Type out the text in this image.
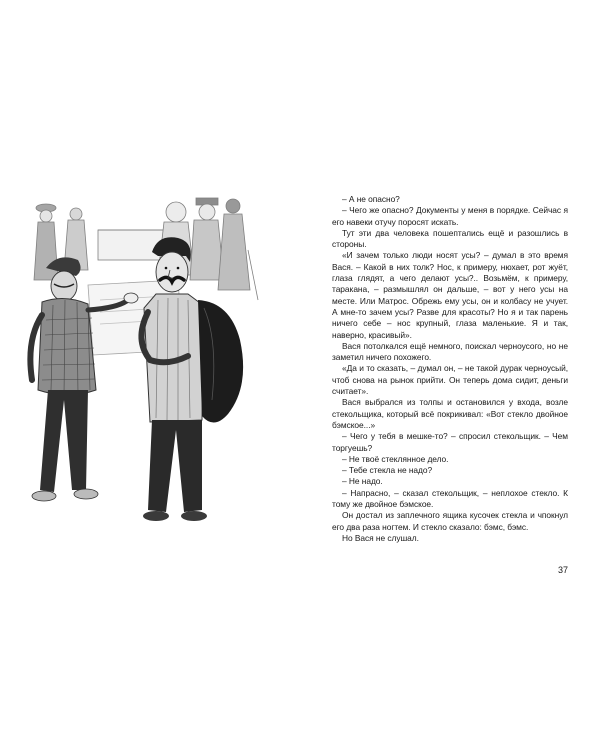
– А не опасно?

– Чего же опасно? Документы у меня в порядке. Сейчас я его навеки отучу поросят искать.

Тут эти два человека пошептались ещё и разошлись в стороны.

«И зачем только люди носят усы? – думал в это время Вася. – Какой в них толк? Нос, к примеру, нюхает, рот жуёт, глаза глядят, а чего делают усы?.. Возьмём, к примеру, таракана, – размышлял он дальше, – вот у него усы на месте. Или Матрос. Обрежь ему усы, он и колбасу не учует. А мне-то зачем усы? Разве для красоты? Но я и так парень ничего себе – нос крупный, глаза маленькие. Я и так, наверно, красивый».

Вася потолкался ещё немного, поискал черноусого, но не заметил ничего похожего.

«Да и то сказать, – думал он, – не такой дурак черноусый, чтоб снова на рынок прийти. Он теперь дома сидит, деньги считает».

Вася выбрался из толпы и остановился у входа, возле стекольщика, который всё покрикивал: «Вот стекло двойное бэмское...»

– Чего у тебя в мешке-то? – спросил стекольщик. – Чем торгуешь?

– Не твоё стеклянное дело.

– Тебе стекла не надо?

– Не надо.

– Напрасно, – сказал стекольщик, – неплохое стекло. К тому же двойное бэмское.

Он достал из заплечного ящика кусочек стекла и чпокнул его два раза ногтем. И стекло сказало: бэмс, бэмс.

Но Вася не слушал.

37
